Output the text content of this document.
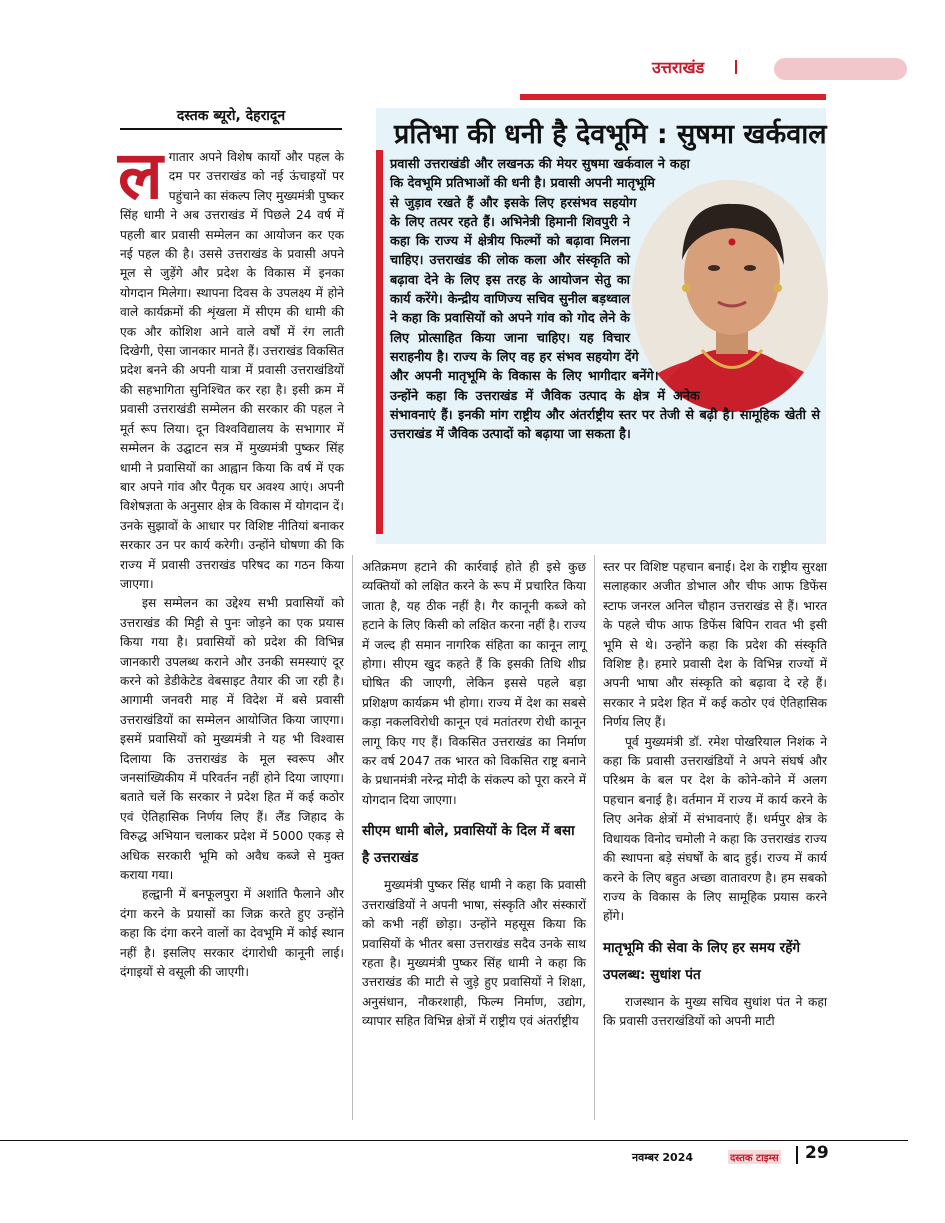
उत्तराखंड
दस्तक ब्यूरो, देहरादून

लगातार अपने विशेष कार्यो और पहल के दम पर उत्तराखंड को नई ऊंचाइयों पर पहुंचाने का संकल्प लिए मुख्यमंत्री पुष्कर सिंह धामी ने अब उत्तराखंड में पिछले 24 वर्ष में पहली बार प्रवासी सम्मेलन का आयोजन कर एक नई पहल की है। उससे उत्तराखंड के प्रवासी अपने मूल से जुड़ेंगे और प्रदेश के विकास में इनका योगदान मिलेगा। स्थापना दिवस के उपलक्ष्य में होने वाले कार्यक्रमों की शृंखला में सीएम की धामी की एक और कोशिश आने वाले वर्षों में रंग लाती दिखेगी, ऐसा जानकार मानते हैं। उत्तराखंड विकसित प्रदेश बनने की अपनी यात्रा में प्रवासी उत्तराखंडियों की सहभागिता सुनिश्चित कर रहा है। इसी क्रम में प्रवासी उत्तराखंडी सम्मेलन की सरकार की पहल ने मूर्त रूप लिया। दून विश्वविद्यालय के सभागार में सम्मेलन के उद्घाटन सत्र में मुख्यमंत्री पुष्कर सिंह धामी ने प्रवासियों का आह्वान किया कि वर्ष में एक बार अपने गांव और पैतृक घर अवश्य आएं। अपनी विशेषज्ञता के अनुसार क्षेत्र के विकास में योगदान दें। उनके सुझावों के आधार पर विशिष्ट नीतियां बनाकर सरकार उन पर कार्य करेगी। उन्होंने घोषणा की कि राज्य में प्रवासी उत्तराखंड परिषद का गठन किया जाएगा।

इस सम्मेलन का उद्देश्य सभी प्रवासियों को उत्तराखंड की मिट्टी से पुनः जोड़ने का एक प्रयास किया गया है। प्रवासियों को प्रदेश की विभिन्न जानकारी उपलब्ध कराने और उनकी समस्याएं दूर करने को डेडीकेटेड वेबसाइट तैयार की जा रही है। आगामी जनवरी माह में विदेश में बसे प्रवासी उत्तराखंडियों का सम्मेलन आयोजित किया जाएगा। इसमें प्रवासियों को मुख्यमंत्री ने यह भी विश्वास दिलाया कि उत्तराखंड के मूल स्वरूप और जनसांख्यिकीय में परिवर्तन नहीं होने दिया जाएगा। बताते चलें कि सरकार ने प्रदेश हित में कई कठोर एवं ऐतिहासिक निर्णय लिए हैं। लैंड जिहाद के विरुद्ध अभियान चलाकर प्रदेश में 5000 एकड़ से अधिक सरकारी भूमि को अवैध कब्जे से मुक्त कराया गया।

हल्द्वानी में बनफूलपुरा में अशांति फैलाने और दंगा करने के प्रयासों का जिक्र करते हुए उन्होंने कहा कि दंगा करने वालों का देवभूमि में कोई स्थान नहीं है। इसलिए सरकार दंगारोधी कानूनी लाई। दंगाइयों से वसूली की जाएगी।

प्रतिभा की धनी है देवभूमि : सुषमा खर्कवाल
प्रवासी उत्तराखंडी और लखनऊ की मेयर सुषमा खर्कवाल ने कहा कि देवभूमि प्रतिभाओं की धनी है। प्रवासी अपनी मातृभूमि से जुड़ाव रखते हैं और इसके लिए हरसंभव सहयोग के लिए तत्पर रहते हैं। अभिनेत्री हिमानी शिवपुरी ने कहा कि राज्य में क्षेत्रीय फिल्मों को बढ़ावा मिलना चाहिए। उत्तराखंड की लोक कला और संस्कृति को बढ़ावा देने के लिए इस तरह के आयोजन सेतु का कार्य करेंगे। केन्द्रीय वाणिज्य सचिव सुनील बड़थ्वाल ने कहा कि प्रवासियों को अपने गांव को गोद लेने के लिए प्रोत्साहित किया जाना चाहिए। यह विचार सराहनीय है। राज्य के लिए वह हर संभव सहयोग देंगे और अपनी मातृभूमि के विकास के लिए भागीदार बनेंगे। उन्होंने कहा कि उत्तराखंड में जैविक उत्पाद के क्षेत्र में अनेक संभावनाएं हैं। इनकी मांग राष्ट्रीय और अंतर्राष्ट्रीय स्तर पर तेजी से बढ़ी है। सामूहिक खेती से उत्तराखंड में जैविक उत्पादों को बढ़ाया जा सकता है।

अतिक्रमण हटाने की कार्रवाई होते ही इसे कुछ व्यक्तियों को लक्षित करने के रूप में प्रचारित किया जाता है, यह ठीक नहीं है। गैर कानूनी कब्जे को हटाने के लिए किसी को लक्षित करना नहीं है। राज्य में जल्द ही समान नागरिक संहिता का कानून लागू होगा। सीएम खुद कहते हैं कि इसकी तिथि शीघ्र घोषित की जाएगी, लेकिन इससे पहले बड़ा प्रशिक्षण कार्यक्रम भी होगा। राज्य में देश का सबसे कड़ा नकलविरोधी कानून एवं मतांतरण रोधी कानून लागू किए गए हैं। विकसित उत्तराखंड का निर्माण कर वर्ष 2047 तक भारत को विकसित राष्ट्र बनाने के प्रधानमंत्री नरेन्द्र मोदी के संकल्प को पूरा करने में योगदान दिया जाएगा।

सीएम धामी बोले, प्रवासियों के दिल में बसा है उत्तराखंड

मुख्यमंत्री पुष्कर सिंह धामी ने कहा कि प्रवासी उत्तराखंडियों ने अपनी भाषा, संस्कृति और संस्कारों को कभी नहीं छोड़ा। उन्होंने महसूस किया कि प्रवासियों के भीतर बसा उत्तराखंड सदैव उनके साथ रहता है। मुख्यमंत्री पुष्कर सिंह धामी ने कहा कि उत्तराखंड की माटी से जुड़े हुए प्रवासियों ने शिक्षा, अनुसंधान, नौकरशाही, फिल्म निर्माण, उद्योग, व्यापार सहित विभिन्न क्षेत्रों में राष्ट्रीय एवं अंतर्राष्ट्रीय

स्तर पर विशिष्ट पहचान बनाई। देश के राष्ट्रीय सुरक्षा सलाहकार अजीत डोभाल और चीफ आफ डिफेंस स्टाफ जनरल अनिल चौहान उत्तराखंड से हैं। भारत के पहले चीफ आफ डिफेंस बिपिन रावत भी इसी भूमि से थे। उन्होंने कहा कि प्रदेश की संस्कृति विशिष्ट है। हमारे प्रवासी देश के विभिन्न राज्यों में अपनी भाषा और संस्कृति को बढ़ावा दे रहे हैं। सरकार ने प्रदेश हित में कई कठोर एवं ऐतिहासिक निर्णय लिए हैं।

पूर्व मुख्यमंत्री डॉ. रमेश पोखरियाल निशंक ने कहा कि प्रवासी उत्तराखंडियों ने अपने संघर्ष और परिश्रम के बल पर देश के कोने-कोने में अलग पहचान बनाई है। वर्तमान में राज्य में कार्य करने के लिए अनेक क्षेत्रों में संभावनाएं हैं। धर्मपुर क्षेत्र के विधायक विनोद चमोली ने कहा कि उत्तराखंड राज्य की स्थापना बड़े संघर्षों के बाद हुई। राज्य में कार्य करने के लिए बहुत अच्छा वातावरण है। हम सबको राज्य के विकास के लिए सामूहिक प्रयास करने होंगे।

मातृभूमि की सेवा के लिए हर समय रहेंगे उपलब्ध: सुधांश पंत

राजस्थान के मुख्य सचिव सुधांश पंत ने कहा कि प्रवासी उत्तराखंडियों को अपनी माटी

नवम्बर 2024	दस्तक टाइम्स 29
